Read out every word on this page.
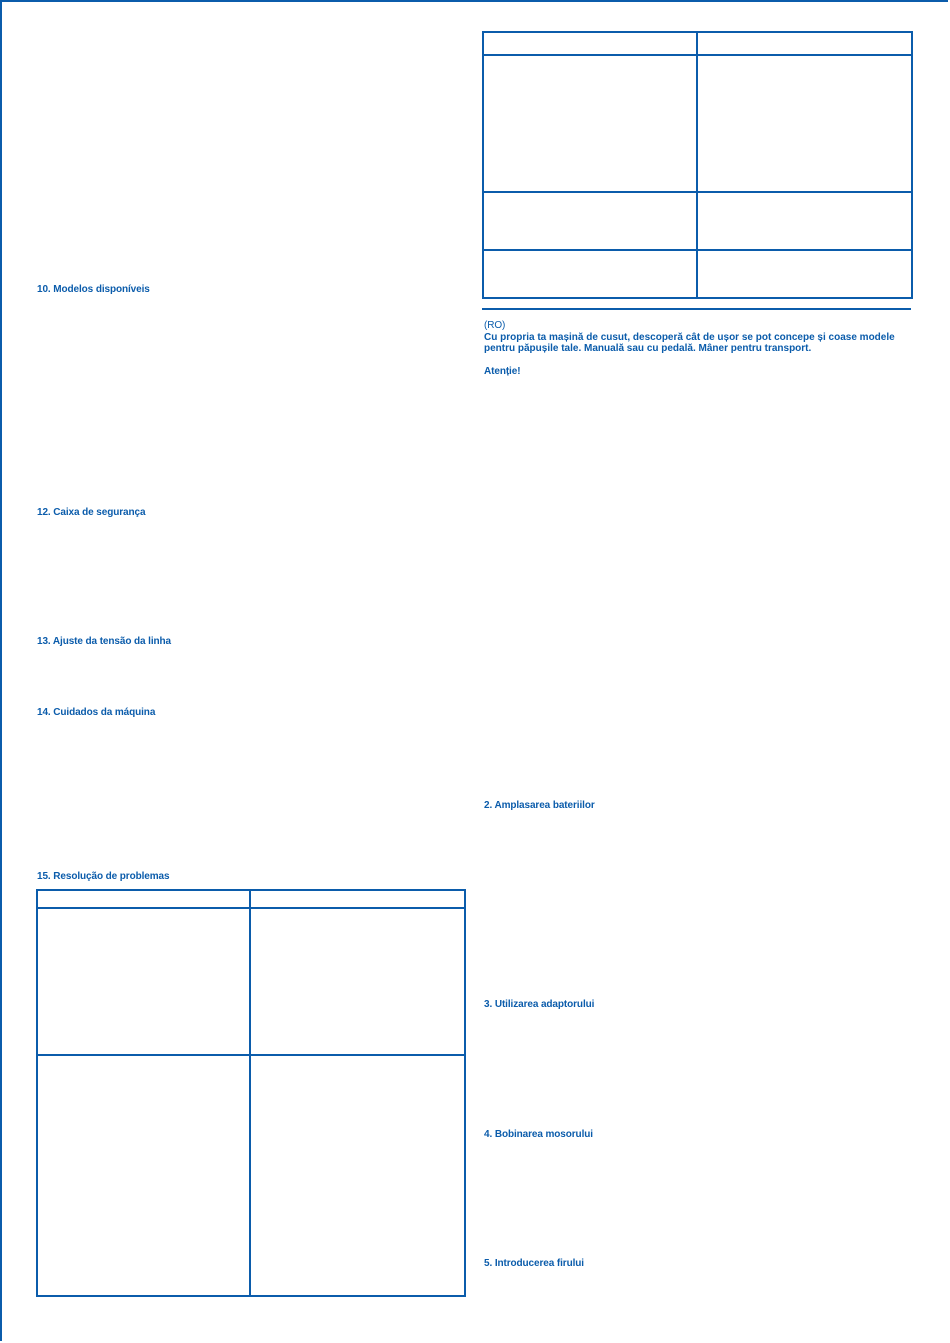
10. Modelos disponíveis
12. Caixa de segurança
13. Ajuste da tensão da linha
14. Cuidados da máquina
15. Resolução de problemas

(RO)
Cu propria ta mașină de cusut, descoperă cât de ușor se pot concepe și coase modele pentru păpușile tale. Manuală sau cu pedală. Mâner pentru transport.
Atenție!
2. Amplasarea bateriilor
3. Utilizarea adaptorului
4. Bobinarea mosorului
5. Introducerea firului
